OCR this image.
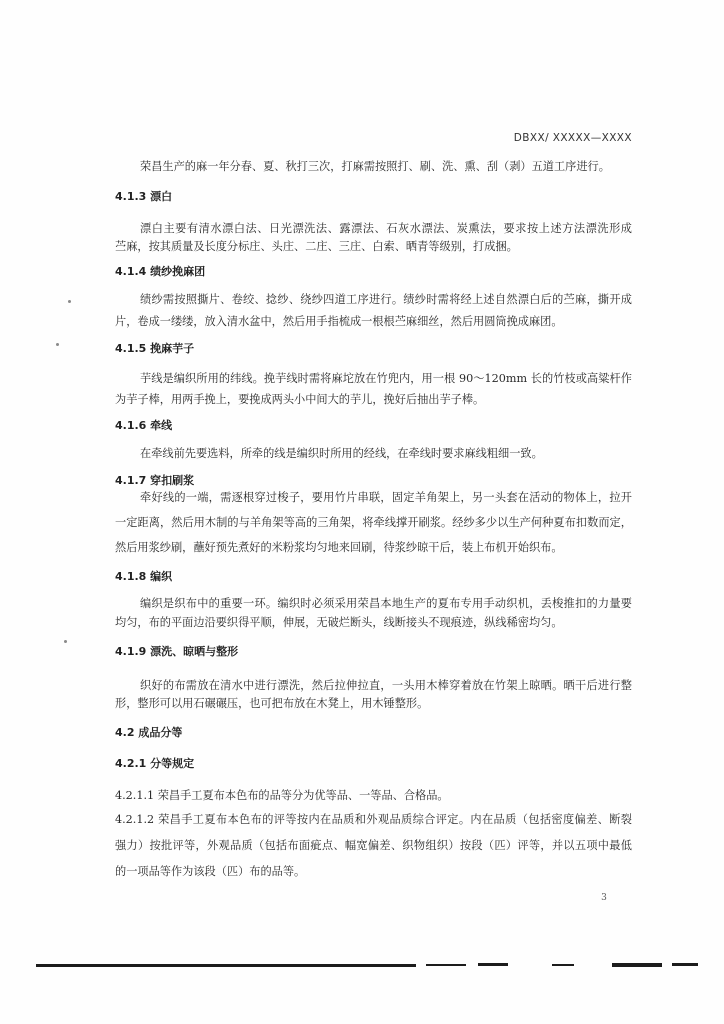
DBXX/ XXXXX—XXXX
荣昌生产的麻一年分春、夏、秋打三次，打麻需按照打、刷、洗、熏、刮（剥）五道工序进行。
4.1.3 漂白
漂白主要有清水漂白法、日光漂洗法、露漂法、石灰水漂法、炭熏法，要求按上述方法漂洗形成
苎麻，按其质量及长度分标庄、头庄、二庄、三庄、白索、晒青等级别，打成捆。
4.1.4 绩纱挽麻团
绩纱需按照撕片、卷绞、捻纱、绕纱四道工序进行。绩纱时需将经上述自然漂白后的苎麻，撕开成
片，卷成一缕缕，放入清水盆中，然后用手指梳成一根根苎麻细丝，然后用圆筒挽成麻团。
4.1.5 挽麻芋子
芋线是编织所用的纬线。挽芋线时需将麻坨放在竹兜内，用一根 90～120mm 长的竹枝或高粱杆作
为芋子棒，用两手挽上，要挽成两头小中间大的芋儿，挽好后抽出芋子棒。
4.1.6 牵线
在牵线前先要选料，所牵的线是编织时所用的经线，在牵线时要求麻线粗细一致。
4.1.7 穿扣刷浆
牵好线的一端，需逐根穿过梭子，要用竹片串联，固定羊角架上，另一头套在活动的物体上，拉开
一定距离，然后用木制的与羊角架等高的三角架，将牵线撑开刷浆。经纱多少以生产何种夏布扣数而定，
然后用浆纱刷，蘸好预先煮好的米粉浆均匀地来回刷，待浆纱晾干后，装上布机开始织布。
4.1.8 编织
编织是织布中的重要一环。编织时必须采用荣昌本地生产的夏布专用手动织机，丢梭推扣的力量要
均匀，布的平面边沿要织得平顺，伸展，无破烂断头，线断接头不现痕迹，纵线稀密均匀。
4.1.9 漂洗、晾晒与整形
织好的布需放在清水中进行漂洗，然后拉伸拉直，一头用木棒穿着放在竹架上晾晒。晒干后进行整
形，整形可以用石碾碾压，也可把布放在木凳上，用木锤整形。
4.2 成品分等
4.2.1 分等规定
4.2.1.1 荣昌手工夏布本色布的品等分为优等品、一等品、合格品。
4.2.1.2 荣昌手工夏布本色布的评等按内在品质和外观品质综合评定。内在品质（包括密度偏差、断裂
强力）按批评等，外观品质（包括布面疵点、幅宽偏差、织物组织）按段（匹）评等，并以五项中最低
的一项品等作为该段（匹）布的品等。
3
